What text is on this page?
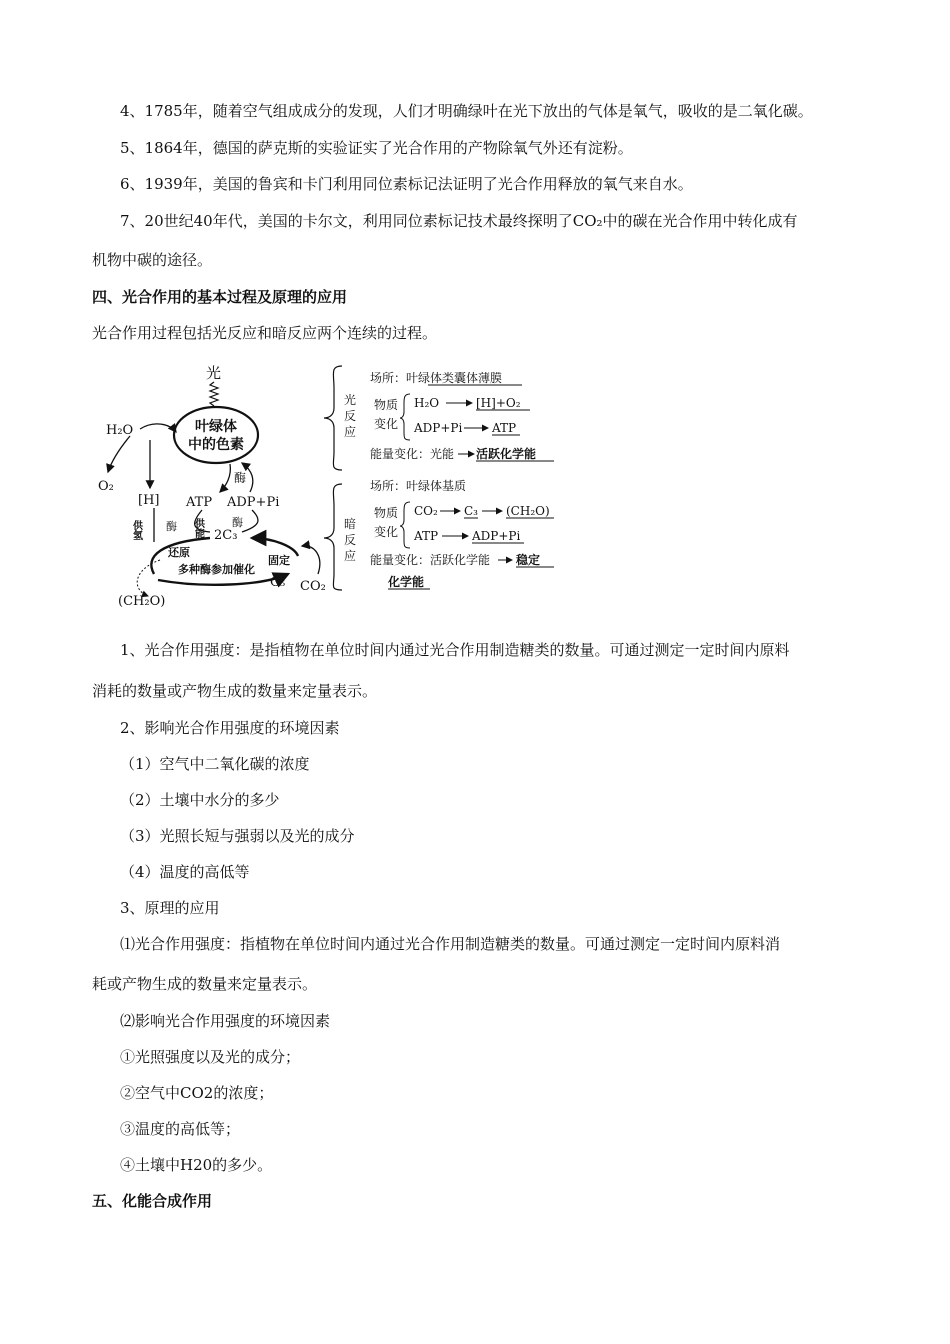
4、1785年，随着空气组成成分的发现，人们才明确绿叶在光下放出的气体是氧气，吸收的是二氧化碳。
5、1864年，德国的萨克斯的实验证实了光合作用的产物除氧气外还有淀粉。
6、1939年，美国的鲁宾和卡门利用同位素标记法证明了光合作用释放的氧气来自水。
7、20世纪40年代，美国的卡尔文，利用同位素标记技术最终探明了CO₂中的碳在光合作用中转化成有
机物中碳的途径。
四、光合作用的基本过程及原理的应用
光合作用过程包括光反应和暗反应两个连续的过程。
光
叶绿体
中的色素
H₂O
O₂
[H] ATP ADP+Pi
酶
供能	酶
2C₃
供氢 酶
还原
多种酶参加催化
固定
C₅ CO₂
(CH₂O)
光
反
应
场所：叶绿体类囊体薄膜
物质
变化
H₂O	[H]+O₂
ADP+Pi ATP
能量变化：光能 活跃化学能
暗
反
应
场所：叶绿体基质
物质
变化
CO₂ C₃ (CH₂O)
ATP	ADP+Pi
能量变化：活跃化学能 稳定
化学能
1、光合作用强度：是指植物在单位时间内通过光合作用制造糖类的数量。可通过测定一定时间内原料
消耗的数量或产物生成的数量来定量表示。
2、影响光合作用强度的环境因素
（1）空气中二氧化碳的浓度
（2）土壤中水分的多少
（3）光照长短与强弱以及光的成分
（4）温度的高低等
3、原理的应用
⑴光合作用强度：指植物在单位时间内通过光合作用制造糖类的数量。可通过测定一定时间内原料消
耗或产物生成的数量来定量表示。
⑵影响光合作用强度的环境因素
①光照强度以及光的成分；
②空气中CO2的浓度；
③温度的高低等；
④土壤中H20的多少。
五、化能合成作用
